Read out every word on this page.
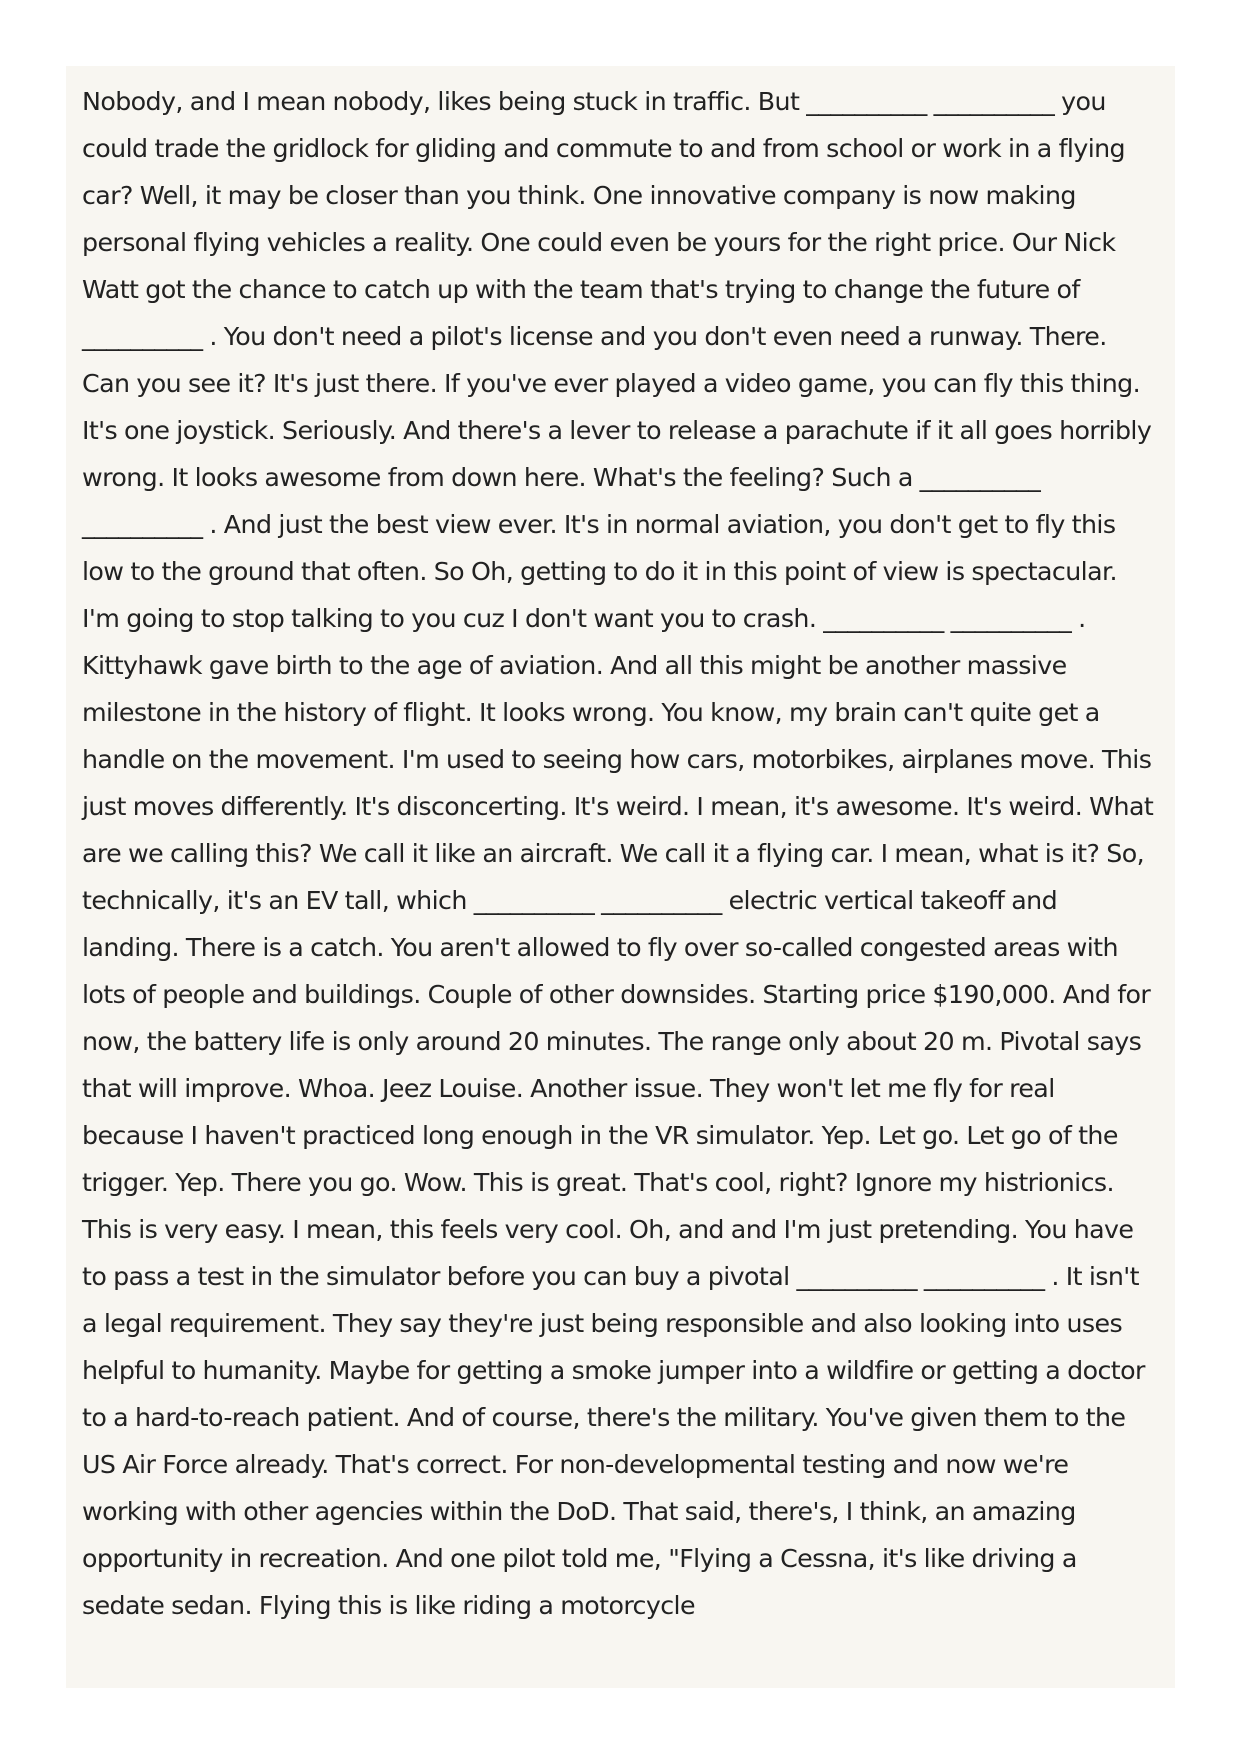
Nobody, and I mean nobody, likes being stuck in traffic. But __________ __________ you could trade the gridlock for gliding and commute to and from school or work in a flying car? Well, it may be closer than you think. One innovative company is now making personal flying vehicles a reality. One could even be yours for the right price. Our Nick Watt got the chance to catch up with the team that's trying to change the future of __________ . You don't need a pilot's license and you don't even need a runway. There. Can you see it? It's just there. If you've ever played a video game, you can fly this thing. It's one joystick. Seriously. And there's a lever to release a parachute if it all goes horribly wrong. It looks awesome from down here. What's the feeling? Such a __________ __________ . And just the best view ever. It's in normal aviation, you don't get to fly this low to the ground that often. So Oh, getting to do it in this point of view is spectacular. I'm going to stop talking to you cuz I don't want you to crash. __________ __________ . Kittyhawk gave birth to the age of aviation. And all this might be another massive milestone in the history of flight. It looks wrong. You know, my brain can't quite get a handle on the movement. I'm used to seeing how cars, motorbikes, airplanes move. This just moves differently. It's disconcerting. It's weird. I mean, it's awesome. It's weird. What are we calling this? We call it like an aircraft. We call it a flying car. I mean, what is it? So, technically, it's an EV tall, which __________ __________ electric vertical takeoff and landing. There is a catch. You aren't allowed to fly over so-called congested areas with lots of people and buildings. Couple of other downsides. Starting price $190,000. And for now, the battery life is only around 20 minutes. The range only about 20 m. Pivotal says that will improve. Whoa. Jeez Louise. Another issue. They won't let me fly for real because I haven't practiced long enough in the VR simulator. Yep. Let go. Let go of the trigger. Yep. There you go. Wow. This is great. That's cool, right? Ignore my histrionics. This is very easy. I mean, this feels very cool. Oh, and and I'm just pretending. You have to pass a test in the simulator before you can buy a pivotal __________ __________ . It isn't a legal requirement. They say they're just being responsible and also looking into uses helpful to humanity. Maybe for getting a smoke jumper into a wildfire or getting a doctor to a hard-to-reach patient. And of course, there's the military. You've given them to the US Air Force already. That's correct. For non-developmental testing and now we're working with other agencies within the DoD. That said, there's, I think, an amazing opportunity in recreation. And one pilot told me, "Flying a Cessna, it's like driving a sedate sedan. Flying this is like riding a motorcycle
